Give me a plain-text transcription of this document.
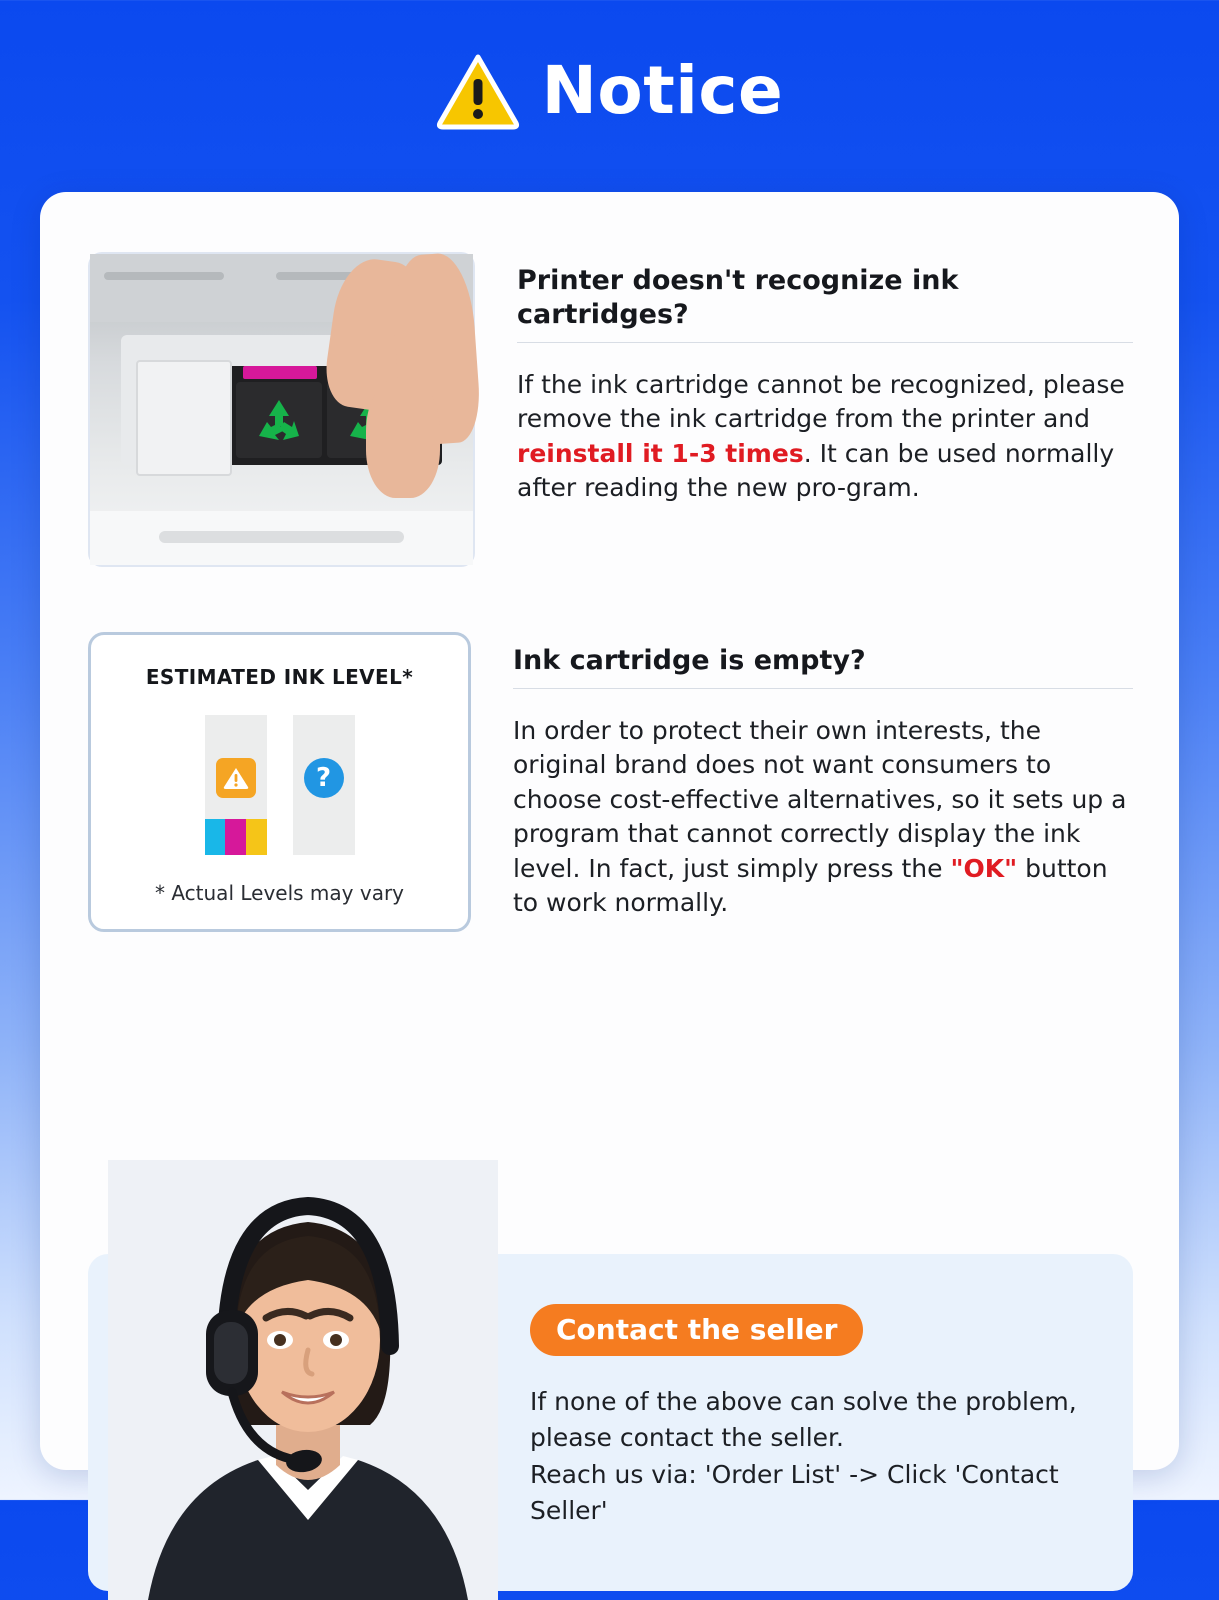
Notice
Printer doesn't recognize ink cartridges?

If the ink cartridge cannot be recognized, please remove the ink cartridge from the printer and reinstall it 1-3 times. It can be used normally after reading the new pro-gram.

ESTIMATED INK LEVEL*
?
* Actual Levels may vary
Ink cartridge is empty?

In order to protect their own interests, the original brand does not want consumers to choose cost-effective alternatives, so it sets up a program that cannot correctly display the ink level. In fact, just simply press the "OK" button to work normally.

Contact the seller
If none of the above can solve the problem, please contact the seller.
Reach us via: 'Order List' -> Click 'Contact Seller'
